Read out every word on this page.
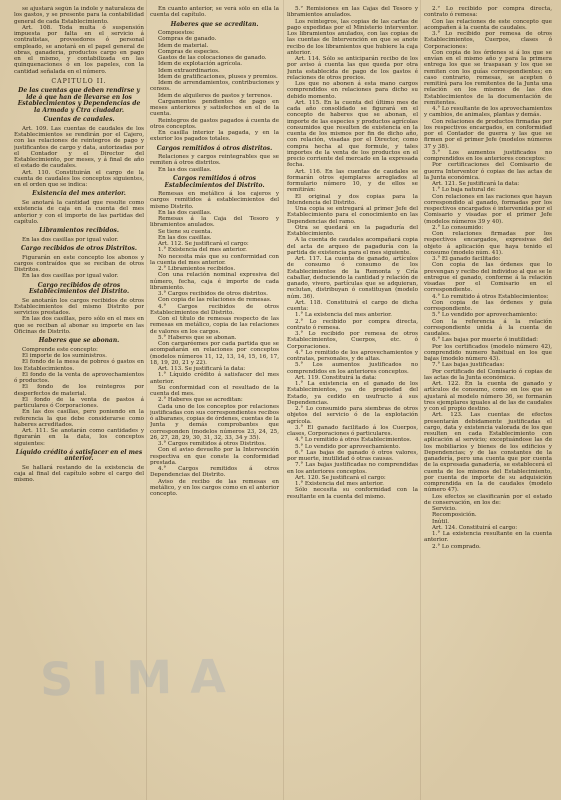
se ajustará según la índole y naturaleza de los gastos, y se presente para la contabilidad general de cada Establecimiento.

Art. 108. Toda multa ó suspensión impuesta por falta en el servicio á contratistas, proveedores ó personal empleado, se anotará en el papel general de obras, ganaderia, productos cargo en pago en el mismo, y contabilizada en las quinquenaciones ó en los papeles, con la cantidad señalada en el número.

CAPITULO II.

De las cuentas que deben rendirse y lde á que han de llevarse en los Establecimientos y Dependencias de la Armada y Ctra ciudadar.

Cuentas de caudales.

Art. 109. Las cuentas de caudales de los Establecimientos se rendirán por el Cajero, con las relaciones de reintegros de pago y justificantes de cargo y data, autorizadas por el Contador y el Director del Establecimiento, por meses, y á final de año el estado de caudales.

Art. 110. Constituirán el cargo de la cuenta de caudales los conceptos siguientes, en el orden que se indica:

Existencia del mes anterior.

Se anotará la cantidad que resulte como existencia de caja en la cuenta del mes anterior y con el importe de las partidas del capítulo.

Libramientos recibidos.

En las dos casillas por igual valor.

Cargo recibidos de otros Distritos.

Figurarán en este concepto los abonos y cargos contraídos que se reciban de otros Distritos.

En las dos casillas por igual valor.

Cargo recibidos de otros Establecimientos del Distrito.

Se anotarán los cargos recibidos de otros Establecimientos del mismo Distrito por servicios prestados.

En las dos casillas, pero sólo en el mes en que se reciban al abonar su importe en las Oficinas de Distrito.

Haberes que se abonan.

Comprende este concepto:

El importe de los suministros.

El fondo de la mesa de pobres ó gastos en los Establecimientos.

El fondo de la venta de aprovechamientos ó productos.

El fondo de los reintegros por desperfectos de material.

El fondo de la venta de pastos á particulares ó Corporaciones.

En las dos casillas, pero poniendo en la referencia la que debe considerarse como haberes acreditados.

Art. 111. Se anotarán como cantidades y figurarán en la data, los conceptos siguientes:

Líquido crédito á satisfacer en el mes anterior.

Se hallará restando de la existencia de caja al final del capítulo sobre el cargo del mismo.

En cuanto anterior, se verá sólo en ella la cuenta del capítulo.

Haberes que se acreditan.

Compuestos:

Compras de ganado.

Idem de material.

Compras de especies.

Gastos de las colocaciones de ganado.

Idem de explotación agrícola.

Idem extraordinarios.

Idem de gratificaciones, pluses y premios.

Idem de arrendamientos, contribuciones y censos.

Idem de alquileres de pastos y terrenos.

Cargamentos pendientes de pago en meses anteriores y satisfechos en el de la cuenta.

Reintegros de gastos pagados á cuenta de otros conceptos.

En casilla interior la pagada, y en la exterior los pagados totales.

Cargos remitidos á otros distritos.

Relaciones y cargos reintegrables que se remiten á otros distritos.

En las dos casillas.

Cargos remitidos á otros Establecimientos del Distrito.

Remesas en metálico á los cajeros y cargos remitidos á establecimientos del mismo Distrito.

En las dos casillas.

Remesas á la Caja del Tesoro y libramientos anulados.

Se tiene su cuenta.

En las dos casillas.

Art. 112. Se justificará el cargo:

1.° Existencia del mes anterior.

No necesita más que su conformidad con la cuenta del mes anterior.

2.° Libramientos recibidos.

Con una relación nominal expresiva del número, fecha, caja é importe de cada libramiento.

3.° Cargos recibidos de otros distritos.

Con copia de las relaciones de remesas.

4.° Cargos recibidos de otros Establecimientos del Distrito.

Con el título de remesas respecto de las remesas en metálico, copia de las relaciones de valores en los cargos.

5.° Haberes que se abonan.

Con cargaréemes por cada partida que se acompañarán en relaciones por conceptos (modelos números 11, 12, 13, 14, 15, 16, 17, 18, 19, 20, 21 y 22).

Art. 113. Se justificará la data:

1.° Líquido crédito á satisfacer del mes anterior.

Su conformidad con el resultado de la cuenta del mes.

2.° Haberes que se acreditan:

Cada uno de los conceptos por relaciones justificadas con sus correspondientes recibos ó albaranes, copias de órdenes, cuentas de la Junta y demás comprobantes que corresponden (modelos números 23, 24, 25, 26, 27, 28, 29, 30, 31, 32, 33, 34 y 35).

3.° Cargos remitidos á otros Distritos.

Con el aviso devuelto por la Intervención respectiva en que conste la conformidad prestada.

4.° Cargos remitidos á otros Dependencias del Distrito.

Aviso de recibo de las remesas en metálico, y en los cargos como en el anterior concepto.

5.° Remisiones en las Cajas del Tesoro y libramientos anulados.

Los reintegros, las copias de las cartas de pago expedidas por el Ministerio interventor. Los libramientos anulados, con las copias de las cuentas de Intervención en que se anote recibo de los libramientos que hubiere la caja anterior.

Art. 114. Sólo se anticiparán recibo de los por aviso á cuenta las que queda por otra Junta establecida de pago de los gastos é relaciones de otros precios.

Los que no abonen á esta mano cargos comprendidos en relaciones para dicho su debido momento.

Art. 115. En la cuenta del último mes de cada año consolidado se figurará en el concepto de haberes que se abonan, el importe de las especies y productos agrícolas consumidos que resulten de existencia en la cuenta de los mismos por fin de dicho año, con relación, visadas por el Director, como compra hecha al que formule, y tales importes de la venta de los productos en el precio corriente del mercado en la expresada fecha.

Art. 116. En las cuentas de caudales se formarán otros ejemplares arreglados al formulario número 10, y de ellos se remitirán:

El original y dos copias para la Intendencia del Distrito.

Una copia se entregará al primer Jefe del Establecimiento para el conocimiento en las Dependencias del ramo.

Otra se quedará en la pagaduría del Establecimiento.

A la cuenta de caudales acompañará copia del acta de arqueo de pagaduría con la partida de existencia para el mes siguiente.

Art. 117. La cuenta de ganado, artículos de consumo ó consumo de los Establecimientos de la Remonta y Cría caballar, deduciendo la cantidad y relación de ganado, vivero, partículas que se adquieran, reclutan, distribuyan ó constituyan (modelo núm. 36).

Art. 118. Constituirá el cargo de dicha cuenta:

1.° La existencia del mes anterior.

2.° Lo recibido por compra directa, contrato ó remesa.

3.° Lo recibido por remesa de otros Establecimientos, Cuerpos, etc. ó Corporaciones.

4.° Lo remitido de los aprovechamientos y contratas, personales, y de altas.

5.° Los aumentos justificados no comprendidos en los anteriores conceptos.

Art. 119. Constituirá la data:

1.° La existencia en el ganado de los Establecimientos, ya de propiedad del Estado, ya cedido en usufructo á sus Dependencias.

2.° Lo consumido para siembras de otros objetos del servicio ó de la explotación agrícola.

3.° El ganado facilitado á los Cuerpos, clases, Corporaciones ó particulares.

4.° Lo remitido á otros Establecimientos.

5.° Lo vendido por aprovechamiento.

6.° Las bajas de ganado ó otros valores, por muerte, inutilidad ó otras causas.

7.° Las bajas justificadas no comprendidas en los anteriores conceptos.

Art. 120. Se justificará el cargo:

1.° Existencia del mes anterior.

Sólo necesita su conformidad con la resultante en la cuenta del mismo.

2.° Lo recibido por compra directa, contrato ó remesa:

Con las relaciones de este concepto que acompañen á la cuenta de caudales.

3.° Lo recibido por remesa de otros Establecimientos, Cuerpos, clases ó Corporaciones:

Con copia de los órdenes si á los que se envían en el mismo año y para la primera entrega los que se traspasan y los que se remiten con los guías correspondientes; en caso contrario, remesas, se acepten ó remitirá para los remitentes de la Junta una relación en los mismos de las dos Establecimientos de la documentación de remitentes.

4.° Lo resultante de los aprovechamientos y cambios, de animales, plantas y demás.

Con relaciones de productos firmadas por los respectivos encargados, en conformidad por el Contador de guerra y las que se firmen por el primer Jefe (modelos números 37 y 38).

5.° Los aumentos justificados no comprendidos en los anteriores conceptos:

Por certificaciones del Comisario de guerra Interventor ó copias de las actas de la Junta económica.

Art. 121. Se justificará la data:

1.° Lo baja natural de:

Con relaciones en las raciones que hayan correspondido al ganado, formadas por los respectivos encargados é intervenidas por el Comisario y visadas por el primer Jefe (modelos números 39 y 40).

2.° Lo consumido:

Con relaciones firmadas por los respectivos encargados, expresivas del objeto á aplicación que haya tenido el consumo (modelo núm. 41).

3.° El ganado facilitado:

Con copia de las órdenes que lo prevengan y recibo del individuo al que se le entregue el ganado, conforme á la relación visadas por el Comisario en el correspondiente.

4.° Lo remitido á otros Establecimientos:

Con copia de las órdenes y guía correspondiente.

5.° Lo vendido por aprovechamiento:

Con la referencia á la relación correspondiente unida á la cuenta de caudales.

6.° Las bajas por muerte ó inutilidad:

Por los certificados (modelo número 42), comprendido numero habitual en los que bajas (modelo número 43).

7.° Las bajas justificadas:

Por certificado del Comisario ó copias de las actas de la Junta económica.

Art. 122. En la cuenta de ganado y artículos de consumo, como en los que se ajustará al modelo número 36, se formarán tres ejemplares iguales al de las de caudales y con el propio destino.

Art. 123. Las cuentas de efectos presentarán debidamente justificadas el cargo, data y existencia valorada de los que resulten en cada Establecimiento con aplicación al servicio; exceptuándose las de los mobiliarios y bienes de los edificios y Dependencias; y de las constantes de la ganadería, pero una cuenta que por cuenta de la expresada ganadería, se establecerá el cuenta de los mismos del Establecimiento, por cuenta de importe de su adquisición comprendida en la de caudales (modelo número 47).

Los efectos se clasificarán por el estado de conservación, en los de:

Servicio.

Recomposición.

Inútil.

Art. 124. Constituirá el cargo:

1.° La existencia resultante en la cuenta anterior.

2.° Lo comprado.

SIMA
